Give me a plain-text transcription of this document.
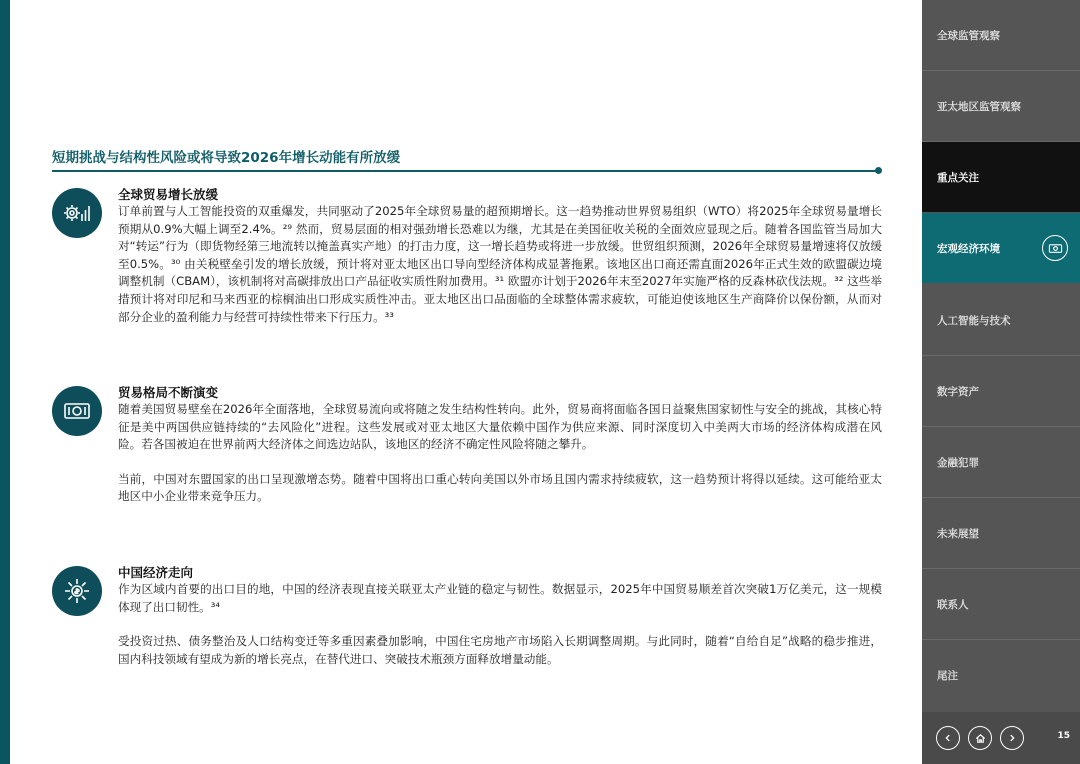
短期挑战与结构性风险或将导致2026年增长动能有所放缓
全球贸易增长放缓

订单前置与人工智能投资的双重爆发，共同驱动了2025年全球贸易量的超预期增长。这一趋势推动世界贸易组织（WTO）将2025年全球贸易量增长预期从0.9%大幅上调至2.4%。²⁹ 然而，贸易层面的相对强劲增长恐难以为继，尤其是在美国征收关税的全面效应显现之后。随着各国监管当局加大对“转运”行为（即货物经第三地流转以掩盖真实产地）的打击力度，这一增长趋势或将进一步放缓。世贸组织预测，2026年全球贸易量增速将仅放缓至0.5%。³⁰ 由关税壁垒引发的增长放缓，预计将对亚太地区出口导向型经济体构成显著拖累。该地区出口商还需直面2026年正式生效的欧盟碳边境调整机制（CBAM），该机制将对高碳排放出口产品征收实质性附加费用。³¹ 欧盟亦计划于2026年末至2027年实施严格的反森林砍伐法规。³² 这些举措预计将对印尼和马来西亚的棕榈油出口形成实质性冲击。亚太地区出口品面临的全球整体需求疲软，可能迫使该地区生产商降价以保份额，从而对部分企业的盈利能力与经营可持续性带来下行压力。³³

贸易格局不断演变

随着美国贸易壁垒在2026年全面落地，全球贸易流向或将随之发生结构性转向。此外，贸易商将面临各国日益聚焦国家韧性与安全的挑战，其核心特征是美中两国供应链持续的“去风险化”进程。这些发展或对亚太地区大量依赖中国作为供应来源、同时深度切入中美两大市场的经济体构成潜在风险。若各国被迫在世界前两大经济体之间选边站队，该地区的经济不确定性风险将随之攀升。

当前，中国对东盟国家的出口呈现激增态势。随着中国将出口重心转向美国以外市场且国内需求持续疲软，这一趋势预计将得以延续。这可能给亚太地区中小企业带来竞争压力。

中国经济走向

作为区域内首要的出口目的地，中国的经济表现直接关联亚太产业链的稳定与韧性。数据显示，2025年中国贸易顺差首次突破1万亿美元，这一规模体现了出口韧性。³⁴

受投资过热、债务整治及人口结构变迁等多重因素叠加影响，中国住宅房地产市场陷入长期调整周期。与此同时，随着“自给自足”战略的稳步推进，国内科技领域有望成为新的增长亮点，在替代进口、突破技术瓶颈方面释放增量动能。

全球监管观察
亚太地区监管观察
重点关注
宏观经济环境
人工智能与技术
数字资产
金融犯罪
未来展望
联系人
尾注
15
